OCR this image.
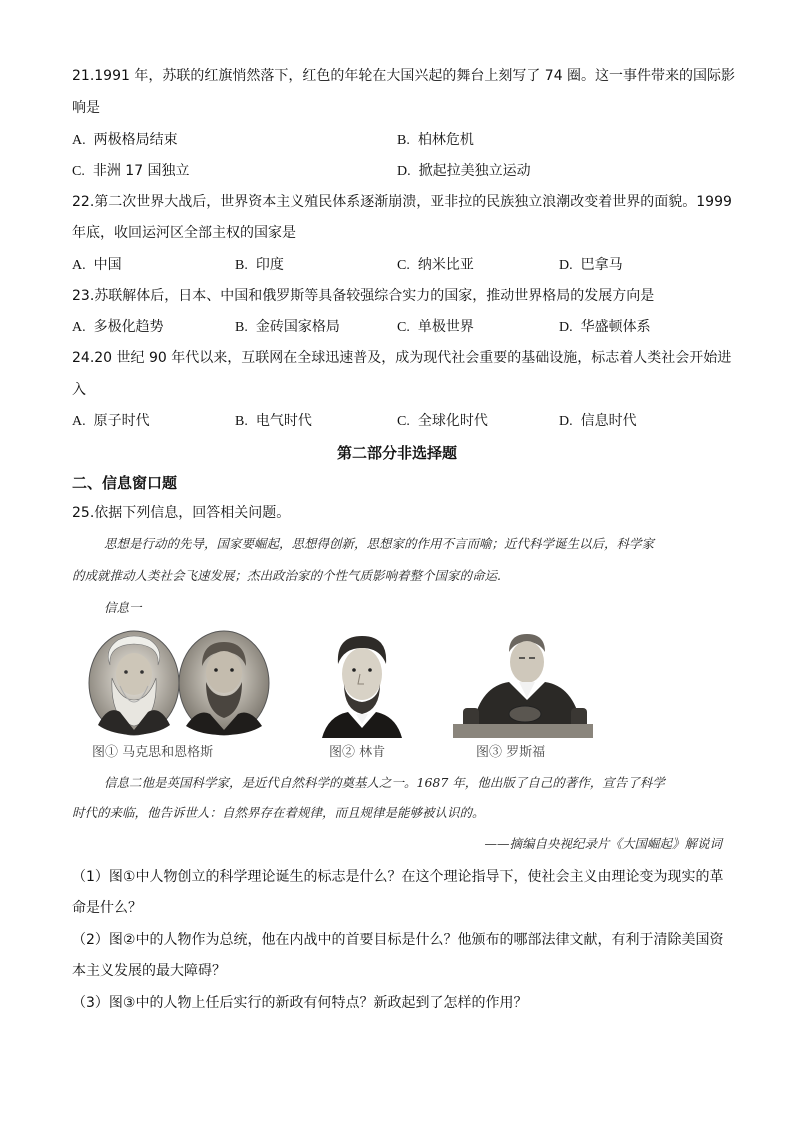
21.1991 年，苏联的红旗悄然落下，红色的年轮在大国兴起的舞台上刻写了 74 圈。这一事件带来的国际影
响是
A. 两极格局结束	B. 柏林危机
C. 非洲 17 国独立	D. 掀起拉美独立运动
22.第二次世界大战后，世界资本主义殖民体系逐渐崩溃，亚非拉的民族独立浪潮改变着世界的面貌。1999
年底，收回运河区全部主权的国家是
A. 中国	B. 印度	C. 纳米比亚	D. 巴拿马
23.苏联解体后，日本、中国和俄罗斯等具备较强综合实力的国家，推动世界格局的发展方向是
A. 多极化趋势	B. 金砖国家格局	C. 单极世界	D. 华盛顿体系
24.20 世纪 90 年代以来，互联网在全球迅速普及，成为现代社会重要的基础设施，标志着人类社会开始进
入
A. 原子时代	B. 电气时代	C. 全球化时代	D. 信息时代
第二部分非选择题
二、信息窗口题
25.依据下列信息，回答相关问题。
思想是行动的先导，国家要崛起，思想得创新，思想家的作用不言而喻；近代科学诞生以后，科学家
的成就推动人类社会飞速发展；杰出政治家的个性气质影响着整个国家的命运.
信息一
图① 马克思和恩格斯	图② 林肯	图③ 罗斯福
信息二他是英国科学家，是近代自然科学的奠基人之一。1687 年，他出版了自己的著作，宣告了科学
时代的来临，他告诉世人：自然界存在着规律，而且规律是能够被认识的。
——摘编自央视纪录片《大国崛起》解说词
（1）图①中人物创立的科学理论诞生的标志是什么？在这个理论指导下，使社会主义由理论变为现实的革
命是什么？
（2）图②中的人物作为总统，他在内战中的首要目标是什么？他颁布的哪部法律文献，有利于清除美国资
本主义发展的最大障碍？
（3）图③中的人物上任后实行的新政有何特点？新政起到了怎样的作用？
